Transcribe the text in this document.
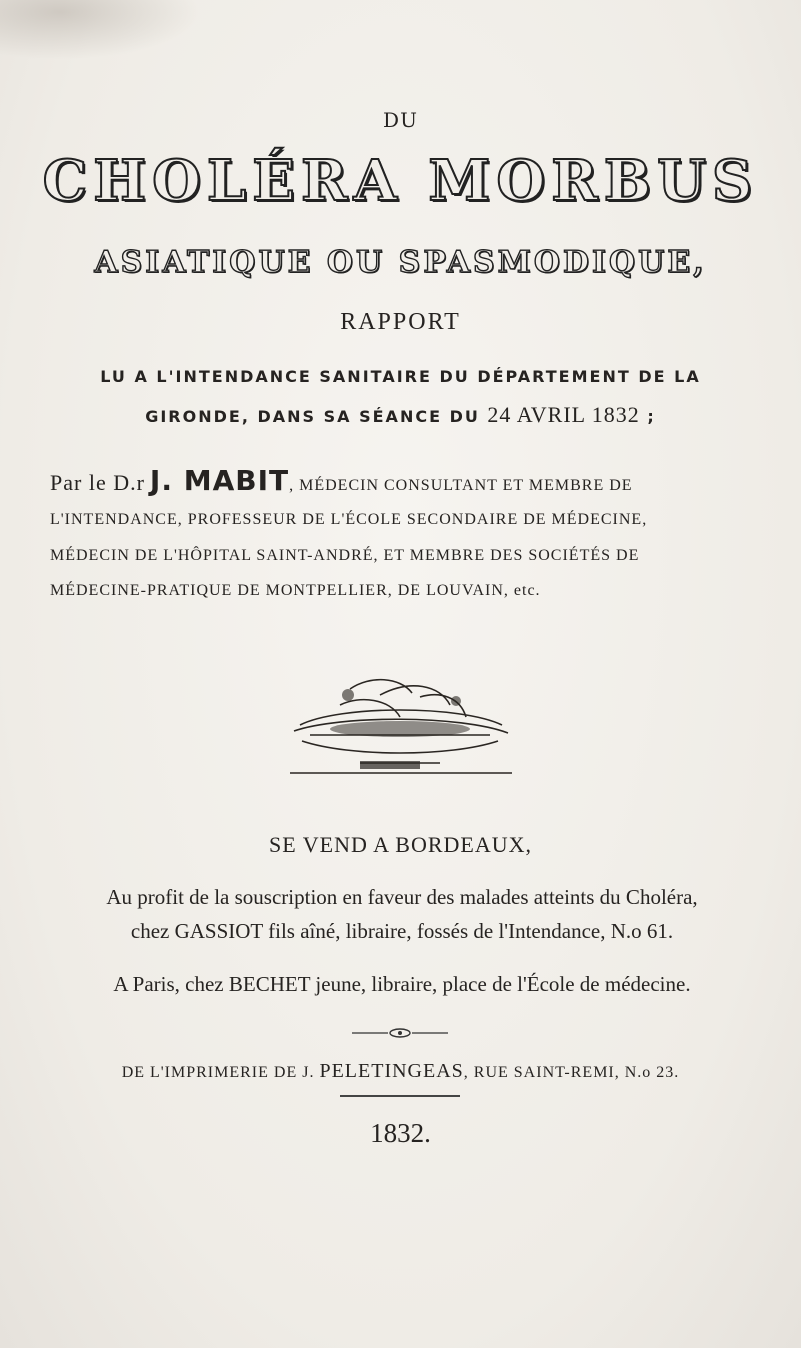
DU
CHOLÉRA MORBUS
ASIATIQUE OU SPASMODIQUE,
RAPPORT
LU A L'INTENDANCE SANITAIRE DU DÉPARTEMENT DE LA
GIRONDE, DANS SA SÉANCE DU 24 AVRIL 1832 ;
Par le D.r J. MABIT, MÉDECIN CONSULTANT ET MEMBRE DE
L'INTENDANCE, PROFESSEUR DE L'ÉCOLE SECONDAIRE DE MÉDECINE,
MÉDECIN DE L'HÔPITAL SAINT-ANDRÉ, ET MEMBRE DES SOCIÉTÉS DE
MÉDECINE-PRATIQUE DE MONTPELLIER, DE LOUVAIN, etc.
SE VEND A BORDEAUX,
Au profit de la souscription en faveur des malades atteints du Choléra,
chez GASSIOT fils aîné, libraire, fossés de l'Intendance, N.o 61.
A Paris, chez BECHET jeune, libraire, place de l'École de médecine.
DE L'IMPRIMERIE DE J. PELETINGEAS, RUE SAINT-REMI, N.o 23.
1832.
